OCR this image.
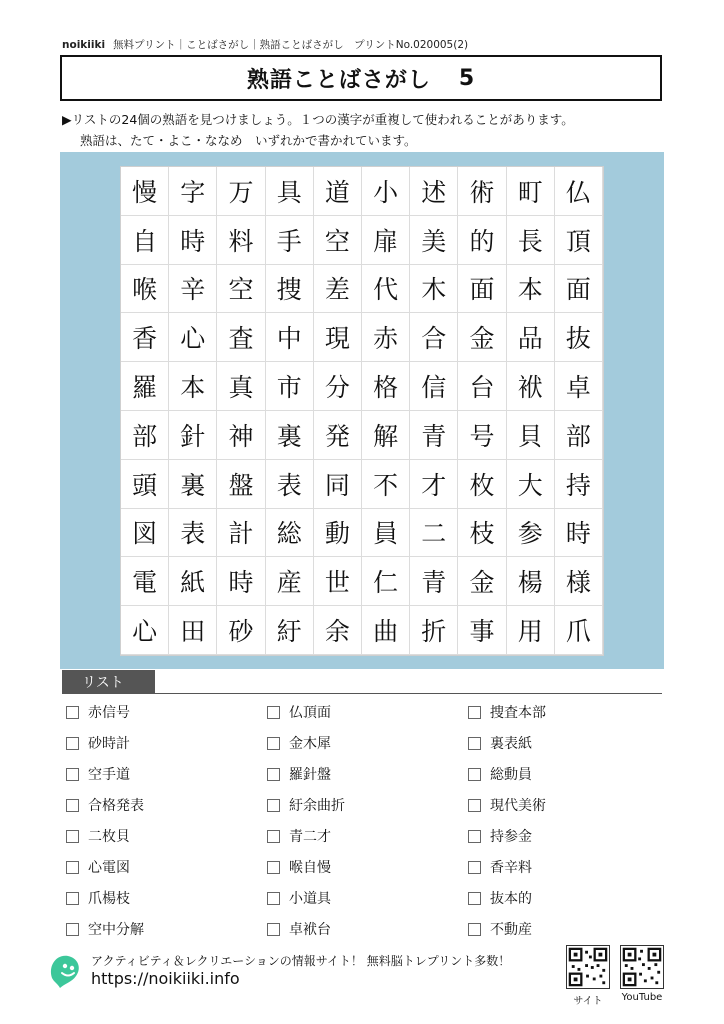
noikiiki 無料プリント｜ことばさがし｜熟語ことばさがし　プリントNo.020005(2)
熟語ことばさがし 5
▶リストの24個の熟語を見つけましょう。１つの漢字が重複して使われることがあります。
熟語は、たて・よこ・ななめ　いずれかで書かれています。
慢 字 万 具 道 小 述 術 町 仏
自 時 料 手 空 扉 美 的 長 頂
喉 辛 空 捜 差 代 木 面 本 面
香 心 査 中 現 赤 合 金 品 抜
羅 本 真 市 分 格 信 台 袱 卓
部 針 神 裏 発 解 青 号 貝 部
頭 裏 盤 表 同 不 才 枚 大 持
図 表 計 総 動 員 二 枝 参 時
電 紙 時 産 世 仁 青 金 楊 様
心 田 砂 紆 余 曲 折 事 用 爪
リスト
赤信号
砂時計
空手道
合格発表
二枚貝
心電図
爪楊枝
空中分解
仏頂面
金木犀
羅針盤
紆余曲折
青二才
喉自慢
小道具
卓袱台
捜査本部
裏表紙
総動員
現代美術
持参金
香辛料
抜本的
不動産
アクティビティ＆レクリエーションの情報サイト！ 無料脳トレプリント多数！
https://noikiiki.info
サイト	YouTube
